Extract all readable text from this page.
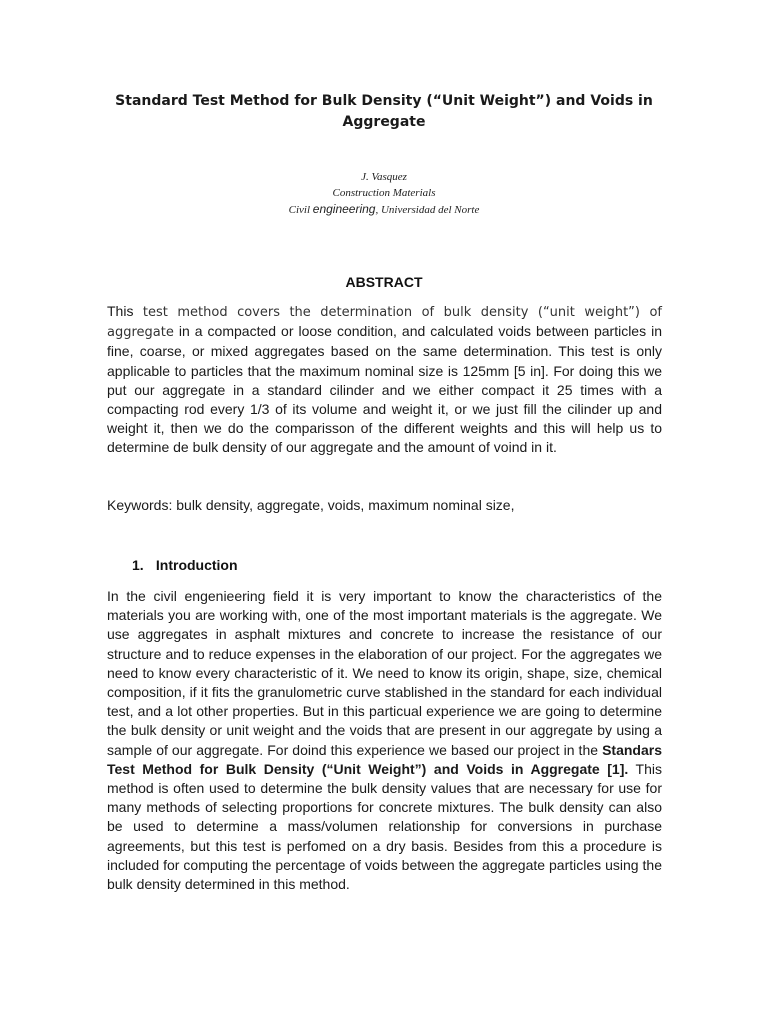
Standard Test Method for Bulk Density (“Unit Weight”) and Voids in Aggregate
J. Vasquez
Construction Materials
Civil engineering, Universidad del Norte
ABSTRACT
This test method covers the determination of bulk density (“unit weight”) of aggregate in a compacted or loose condition, and calculated voids between particles in fine, coarse, or mixed aggregates based on the same determination. This test is only applicable to particles that the maximum nominal size is 125mm [5 in]. For doing this we put our aggregate in a standard cilinder and we either compact it 25 times with a compacting rod every 1/3 of its volume and weight it, or we just fill the cilinder up and weight it, then we do the comparisson of the different weights and this will help us to determine de bulk density of our aggregate and the amount of voind in it.
Keywords: bulk density, aggregate, voids, maximum nominal size,
1. Introduction
In the civil engenieering field it is very important to know the characteristics of the materials you are working with, one of the most important materials is the aggregate. We use aggregates in asphalt mixtures and concrete to increase the resistance of our structure and to reduce expenses in the elaboration of our project. For the aggregates we need to know every characteristic of it. We need to know its origin, shape, size, chemical composition, if it fits the granulometric curve stablished in the standard for each individual test, and a lot other properties. But in this particual experience we are going to determine the bulk density or unit weight and the voids that are present in our aggregate by using a sample of our aggregate. For doind this experience we based our project in the Standars Test Method for Bulk Density (“Unit Weight”) and Voids in Aggregate [1]. This method is often used to determine the bulk density values that are necessary for use for many methods of selecting proportions for concrete mixtures. The bulk density can also be used to determine a mass/volumen relationship for conversions in purchase agreements, but this test is perfomed on a dry basis. Besides from this a procedure is included for computing the percentage of voids between the aggregate particles using the bulk density determined in this method.
